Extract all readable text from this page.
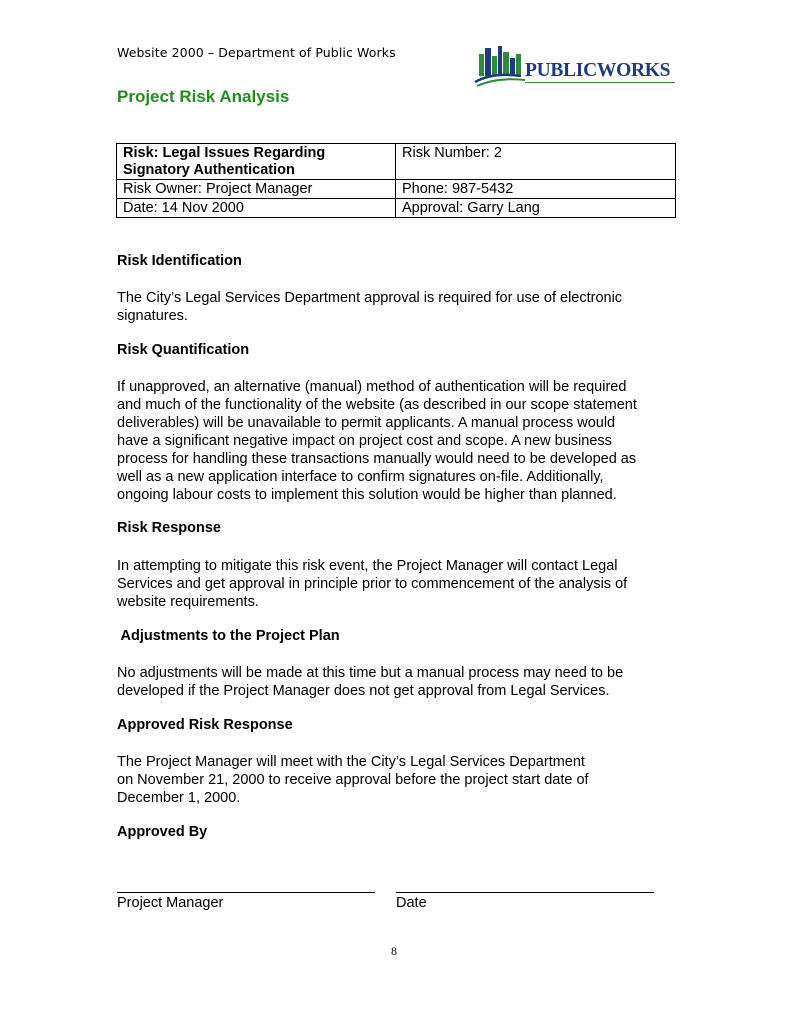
Website 2000 – Department of Public Works
PUBLICWORKS
Project Risk Analysis
Risk: Legal Issues Regarding
Signatory Authentication	Risk Number: 2
Risk Owner: Project Manager	Phone: 987-5432
Date: 14 Nov 2000	Approval: Garry Lang
Risk Identification
The City’s Legal Services Department approval is required for use of electronic
signatures.
Risk Quantification
If unapproved, an alternative (manual) method of authentication will be required
and much of the functionality of the website (as described in our scope statement
deliverables) will be unavailable to permit applicants. A manual process would
have a significant negative impact on project cost and scope. A new business
process for handling these transactions manually would need to be developed as
well as a new application interface to confirm signatures on-file. Additionally,
ongoing labour costs to implement this solution would be higher than planned.
Risk Response
In attempting to mitigate this risk event, the Project Manager will contact Legal
Services and get approval in principle prior to commencement of the analysis of
website requirements.
Adjustments to the Project Plan
No adjustments will be made at this time but a manual process may need to be
developed if the Project Manager does not get approval from Legal Services.
Approved Risk Response
The Project Manager will meet with the City’s Legal Services Department
on November 21, 2000 to receive approval before the project start date of
December 1, 2000.
Approved By
Project Manager	Date
8
